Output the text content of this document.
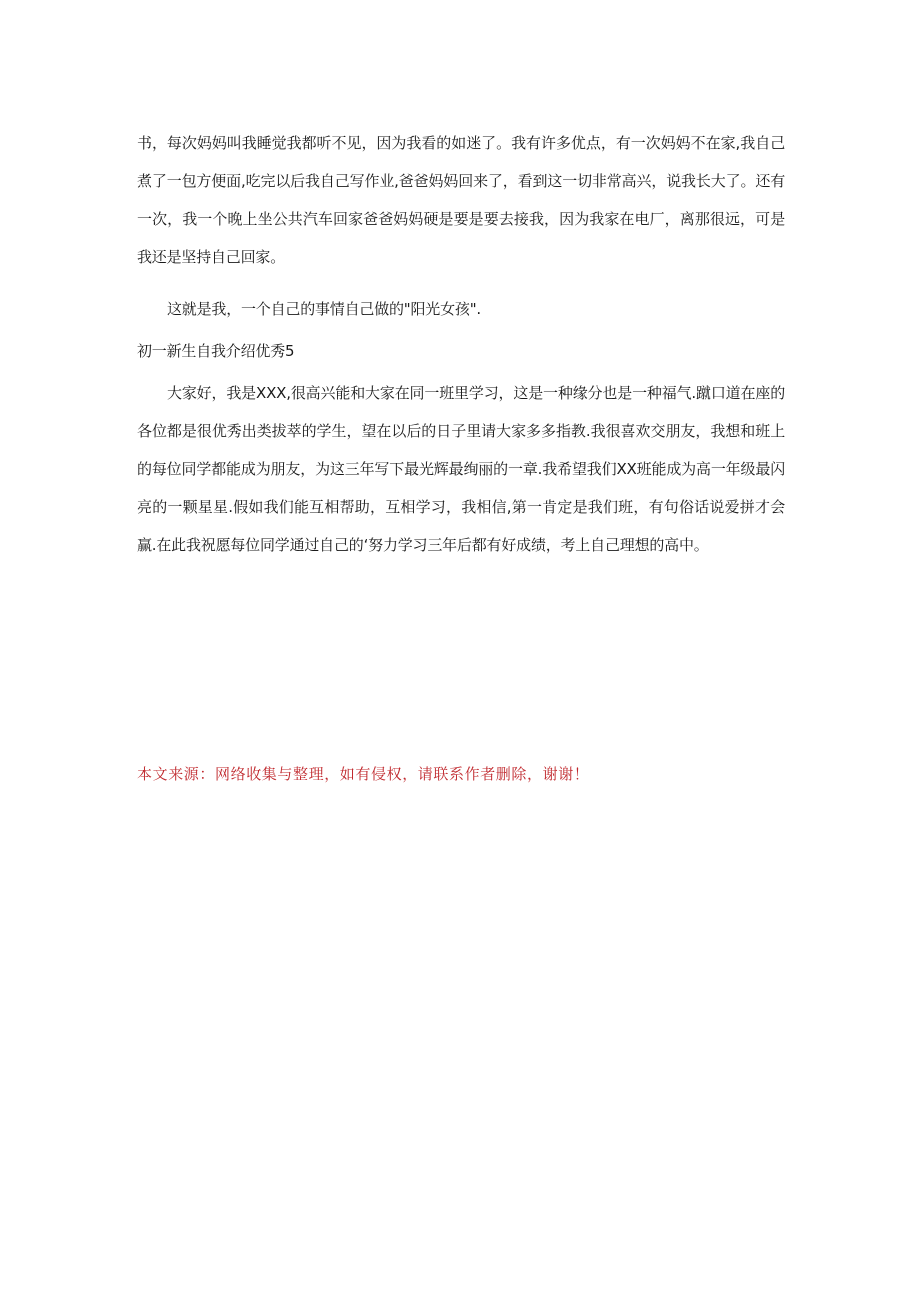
书，每次妈妈叫我睡觉我都听不见，因为我看的如迷了。我有许多优点，有一次妈妈不在家,我自己煮了一包方便面,吃完以后我自己写作业,爸爸妈妈回来了，看到这一切非常高兴，说我长大了。还有一次，我一个晚上坐公共汽车回家爸爸妈妈硬是要是要去接我，因为我家在电厂，离那很远，可是我还是坚持自己回家。

这就是我，一个自己的事情自己做的"阳光女孩".

初一新生自我介绍优秀5

大家好，我是XXX,很高兴能和大家在同一班里学习，这是一种缘分也是一种福气.蹴口道在座的各位都是很优秀出类拔萃的学生，望在以后的日子里请大家多多指教.我很喜欢交朋友，我想和班上的每位同学都能成为朋友，为这三年写下最光辉最绚丽的一章.我希望我们XX班能成为高一年级最闪亮的一颗星星.假如我们能互相帮助，互相学习，我相信,第一肯定是我们班，有句俗话说爱拼才会赢.在此我祝愿每位同学通过自己的‘努力学习三年后都有好成绩，考上自己理想的高中。

本文来源：网络收集与整理，如有侵权，请联系作者删除，谢谢！
